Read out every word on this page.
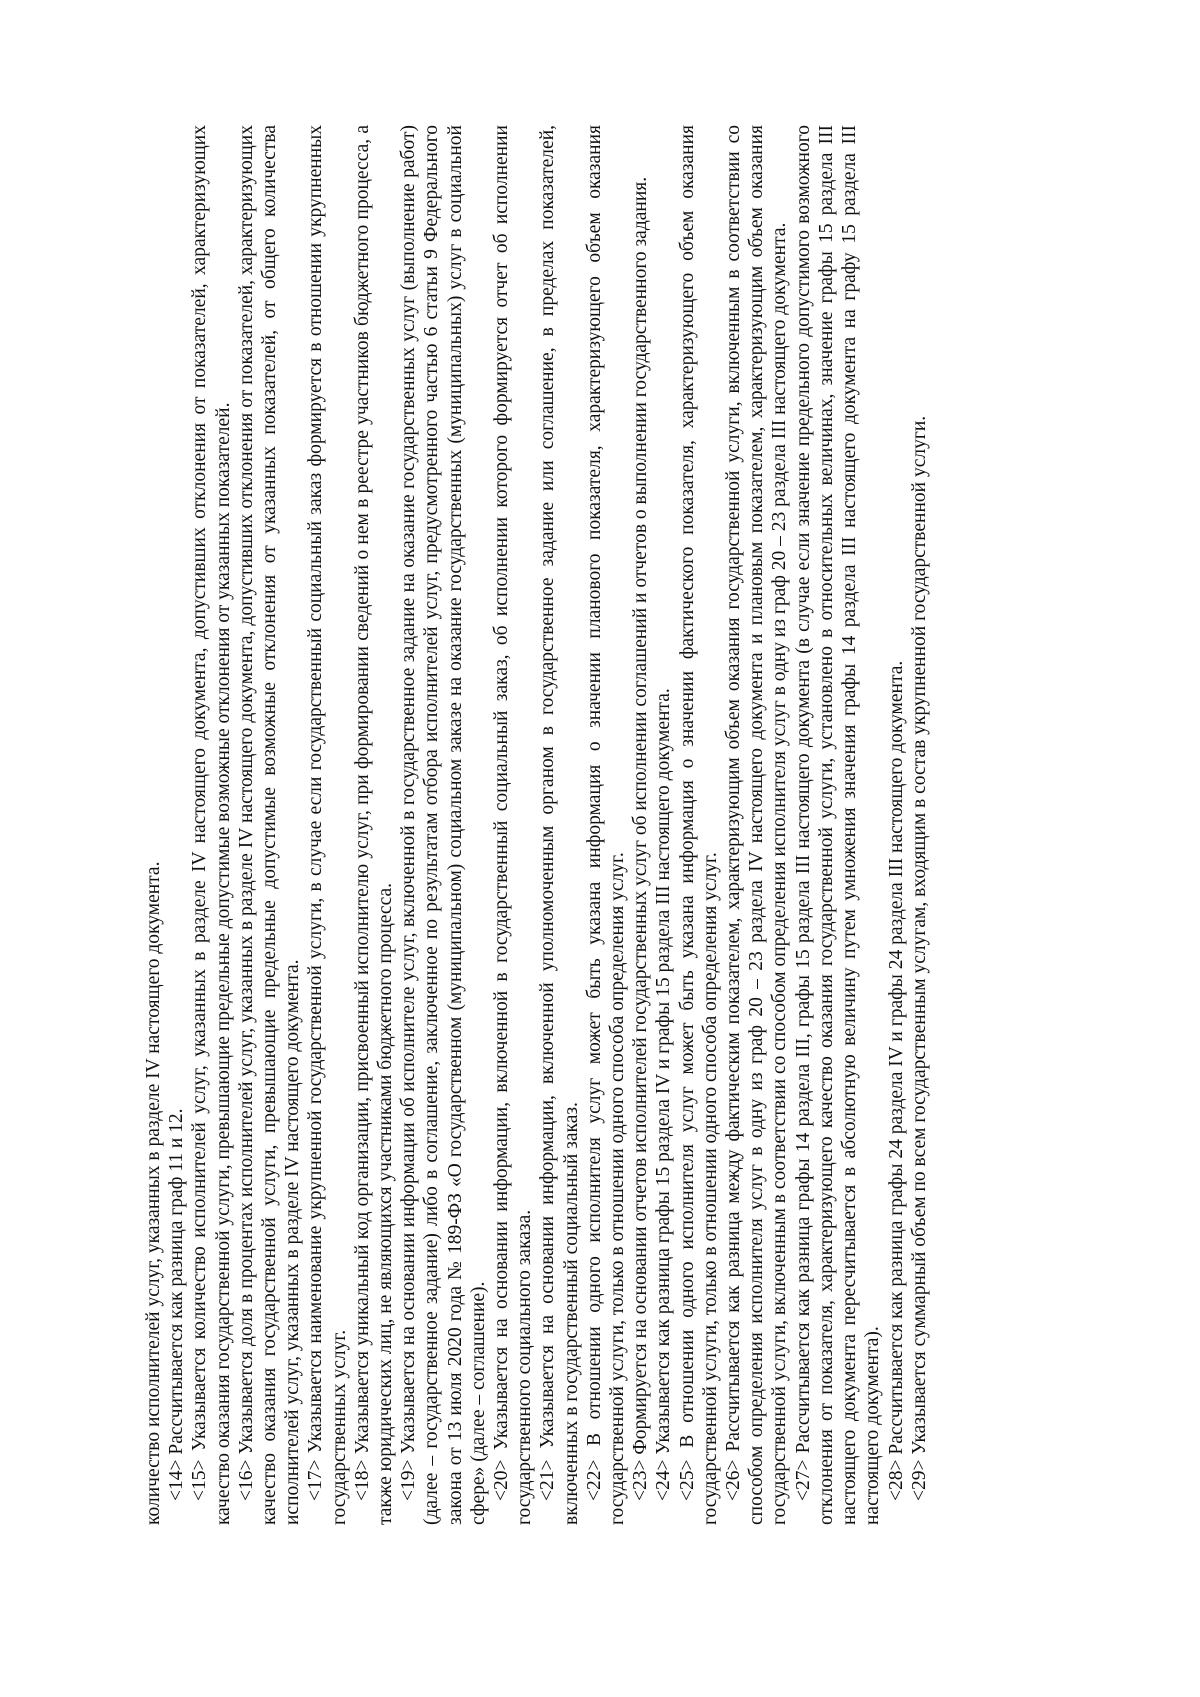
количество исполнителей услуг, указанных в разделе IV настоящего документа. <14> Рассчитывается как разница граф 11 и 12. <15> Указывается количество исполнителей услуг, указанных в разделе IV настоящего документа, допустивших отклонения от показателей, характеризующих качество оказания государственной услуги, превышающие предельные допустимые возможные отклонения от указанных показателей. <16> Указывается доля в процентах исполнителей услуг, указанных в разделе IV настоящего документа, допустивших отклонения от показателей, характеризующих качество оказания государственной услуги, превышающие предельные допустимые возможные отклонения от указанных показателей, от общего количества исполнителей услуг, указанных в разделе IV настоящего документа. <17> Указывается наименование укрупненной государственной услуги, в случае если государственный социальный заказ формируется в отношении укрупненных государственных услуг. <18> Указывается уникальный код организации, присвоенный исполнителю услуг, при формировании сведений о нем в реестре участников бюджетного процесса, а также юридических лиц, не являющихся участниками бюджетного процесса. <19> Указывается на основании информации об исполнителе услуг, включенной в государственное задание на оказание государственных услуг (выполнение работ) (далее – государственное задание) либо в соглашение, заключенное по результатам отбора исполнителей услуг, предусмотренного частью 6 статьи 9 Федерального закона от 13 июля 2020 года № 189-ФЗ «О государственном (муниципальном) социальном заказе на оказание государственных (муниципальных) услуг в социальной сфере» (далее – соглашение). <20> Указывается на основании информации, включенной в государственный социальный заказ, об исполнении которого формируется отчет об исполнении государственного социального заказа. <21> Указывается на основании информации, включенной уполномоченным органом в государственное задание или соглашение, в пределах показателей, включенных в государственный социальный заказ. <22> В отношении одного исполнителя услуг может быть указана информация о значении планового показателя, характеризующего объем оказания государственной услуги, только в отношении одного способа определения услуг. <23> Формируется на основании отчетов исполнителей государственных услуг об исполнении соглашений и отчетов о выполнении государственного задания. <24> Указывается как разница графы 15 раздела IV и графы 15 раздела III настоящего документа. <25> В отношении одного исполнителя услуг может быть указана информация о значении фактического показателя, характеризующего объем оказания государственной услуги, только в отношении одного способа определения услуг. <26> Рассчитывается как разница между фактическим показателем, характеризующим объем оказания государственной услуги, включенным в соответствии со способом определения исполнителя услуг в одну из граф 20 – 23 раздела IV настоящего документа и плановым показателем, характеризующим объем оказания государственной услуги, включенным в соответствии со способом определения исполнителя услуг в одну из граф 20 – 23 раздела III настоящего документа. <27> Рассчитывается как разница графы 14 раздела III, графы 15 раздела III настоящего документа (в случае если значение предельного допустимого возможного отклонения от показателя, характеризующего качество оказания государственной услуги, установлено в относительных величинах, значение графы 15 раздела III настоящего документа пересчитывается в абсолютную величину путем умножения значения графы 14 раздела III настоящего документа на графу 15 раздела III настоящего документа). <28> Рассчитывается как разница графы 24 раздела IV и графы 24 раздела III настоящего документа. <29> Указывается суммарный объем по всем государственным услугам, входящим в состав укрупненной государственной услуги.
